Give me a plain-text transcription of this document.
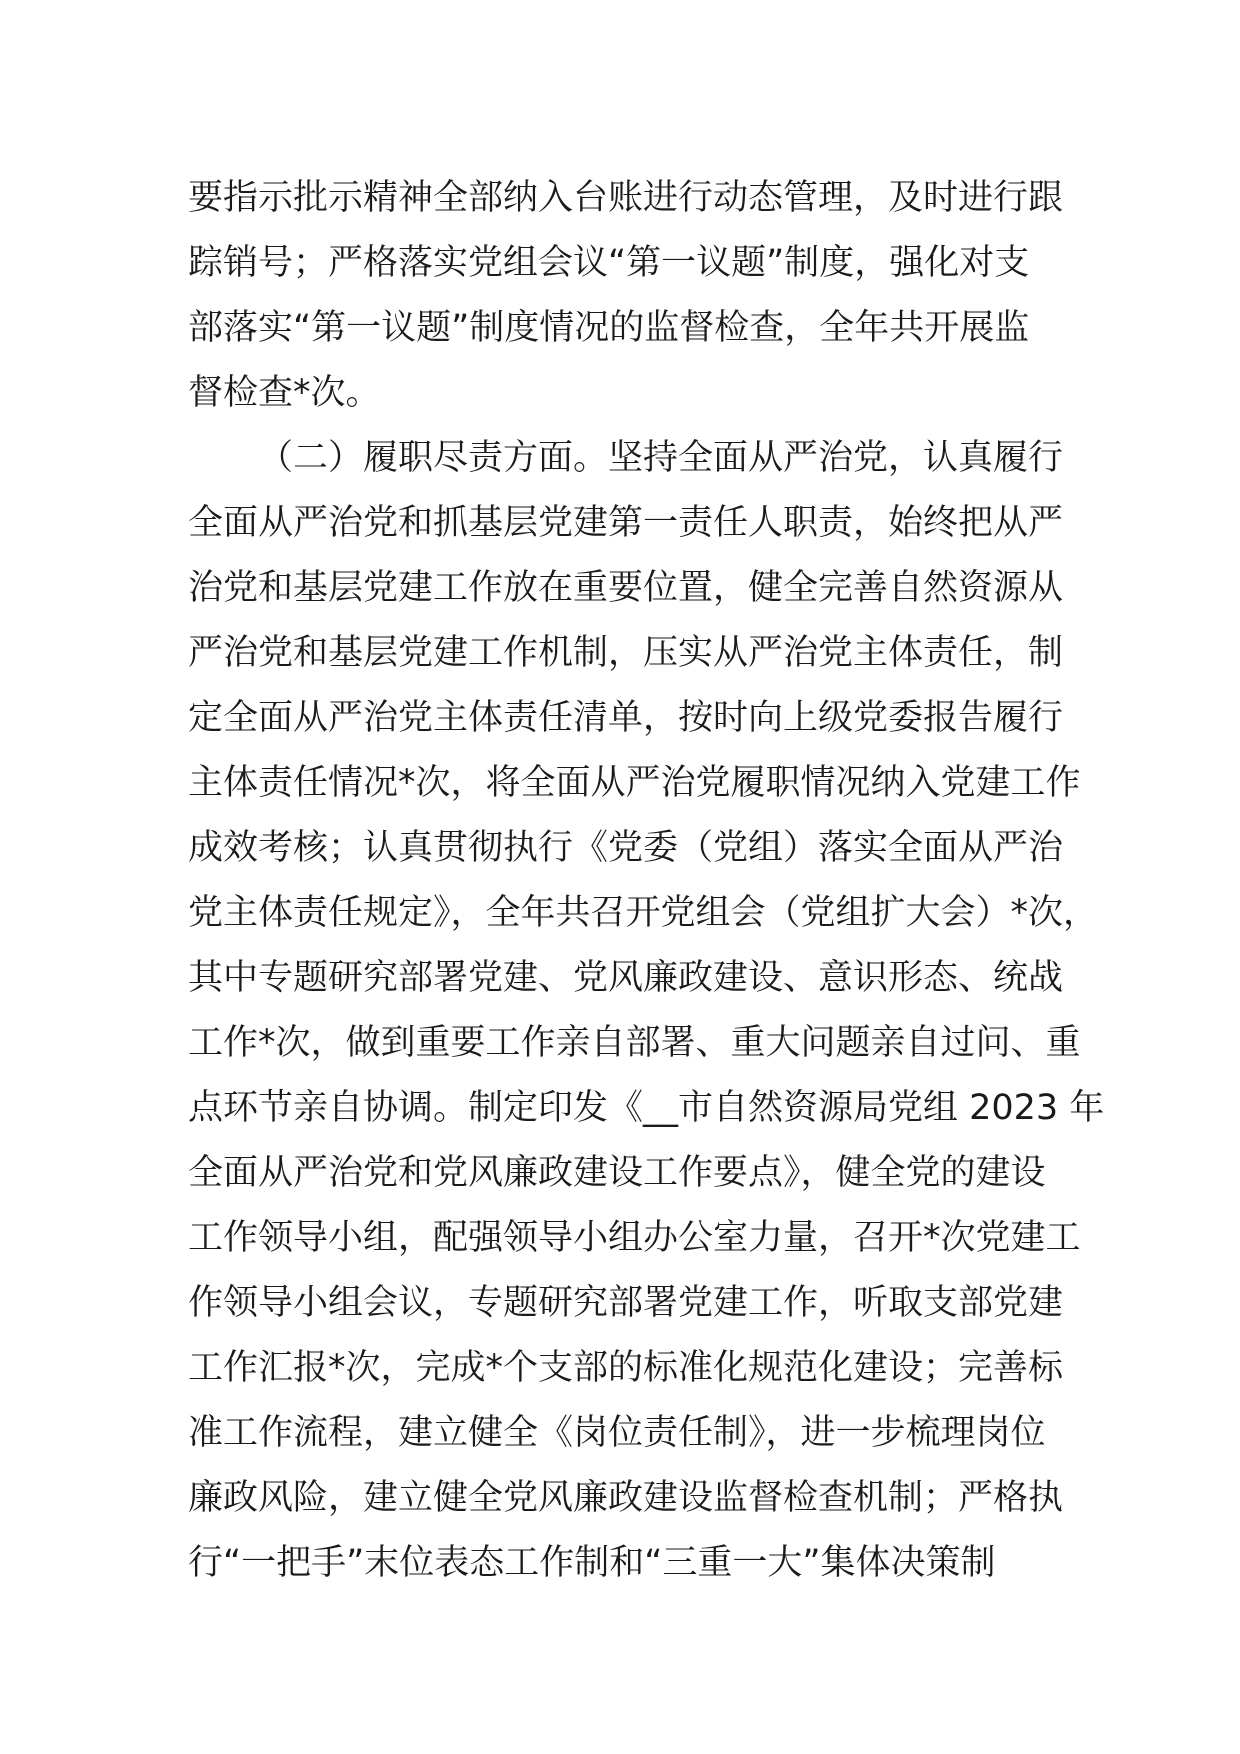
要指示批示精神全部纳入台账进行动态管理，及时进行跟
踪销号；严格落实党组会议“第一议题”制度，强化对支
部落实“第一议题”制度情况的监督检查，全年共开展监
督检查*次。
（二）履职尽责方面。坚持全面从严治党，认真履行
全面从严治党和抓基层党建第一责任人职责，始终把从严
治党和基层党建工作放在重要位置，健全完善自然资源从
严治党和基层党建工作机制，压实从严治党主体责任，制
定全面从严治党主体责任清单，按时向上级党委报告履行
主体责任情况*次，将全面从严治党履职情况纳入党建工作
成效考核；认真贯彻执行《党委（党组）落实全面从严治
党主体责任规定》，全年共召开党组会（党组扩大会）*次，
其中专题研究部署党建、党风廉政建设、意识形态、统战
工作*次，做到重要工作亲自部署、重大问题亲自过问、重
点环节亲自协调。制定印发《__市自然资源局党组 2023 年
全面从严治党和党风廉政建设工作要点》，健全党的建设
工作领导小组，配强领导小组办公室力量，召开*次党建工
作领导小组会议，专题研究部署党建工作，听取支部党建
工作汇报*次，完成*个支部的标准化规范化建设；完善标
准工作流程，建立健全《岗位责任制》，进一步梳理岗位
廉政风险，建立健全党风廉政建设监督检查机制；严格执
行“一把手”末位表态工作制和“三重一大”集体决策制
